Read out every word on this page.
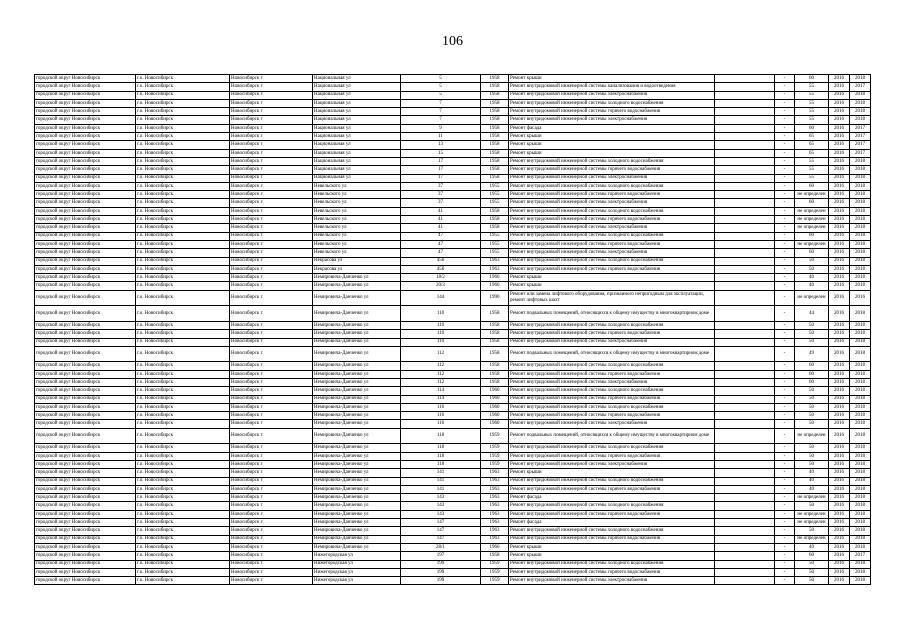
106
городской округ Новосибирск	г.о. Новосибирск	Новосибирск г	Национальная ул	5	1958	Ремонт крыши		-	60	2016	2018
городской округ Новосибирск	г.о. Новосибирск	Новосибирск г	Национальная ул	5	1958	Ремонт внутридомовой инженерной системы канализования и водоотведения		-	55	2016	2017
городской округ Новосибирск	г.о. Новосибирск	Новосибирск г	Национальная ул	5	1958	Ремонт внутридомовой инженерной системы электроснабжения		-	55	2016	2018
городской округ Новосибирск	г.о. Новосибирск	Новосибирск г	Национальная ул	7	1958	Ремонт внутридомовой инженерной системы холодного водоснабжения		-	55	2016	2018
городской округ Новосибирск	г.о. Новосибирск	Новосибирск г	Национальная ул	7	1958	Ремонт внутридомовой инженерной системы горячего водоснабжения		-	55	2016	2018
городской округ Новосибирск	г.о. Новосибирск	Новосибирск г	Национальная ул	7	1958	Ремонт внутридомовой инженерной системы электроснабжения		-	55	2016	2018
городской округ Новосибирск	г.о. Новосибирск	Новосибирск г	Национальная ул	9	1958	Ремонт фасада		-	60	2016	2017
городской округ Новосибирск	г.о. Новосибирск	Новосибирск г	Национальная ул	11	1958	Ремонт крыши		-	65	2016	2017
городской округ Новосибирск	г.о. Новосибирск	Новосибирск г	Национальная ул	13	1958	Ремонт крыши		-	65	2016	2017
городской округ Новосибирск	г.о. Новосибирск	Новосибирск г	Национальная ул	15	1958	Ремонт крыши		-	65	2016	2017
городской округ Новосибирск	г.о. Новосибирск	Новосибирск г	Национальная ул	17	1958	Ремонт внутридомовой инженерной системы холодного водоснабжения		-	55	2016	2018
городской округ Новосибирск	г.о. Новосибирск	Новосибирск г	Национальная ул	17	1958	Ремонт внутридомовой инженерной системы горячего водоснабжения		-	55	2016	2018
городской округ Новосибирск	г.о. Новосибирск	Новосибирск г	Национальная ул	17	1958	Ремонт внутридомовой инженерной системы электроснабжения		-	55	2016	2018
городской округ Новосибирск	г.о. Новосибирск	Новосибирск г	Невельского ул	37	1955	Ремонт внутридомовой инженерной системы холодного водоснабжения		-	60	2016	2018
городской округ Новосибирск	г.о. Новосибирск	Новосибирск г	Невельского ул	37	1955	Ремонт внутридомовой инженерной системы горячего водоснабжения		-	не определен	2016	2018
городской округ Новосибирск	г.о. Новосибирск	Новосибирск г	Невельского ул	37	1955	Ремонт внутридомовой инженерной системы электроснабжения		-	60	2016	2018
городской округ Новосибирск	г.о. Новосибирск	Новосибирск г	Невельского ул	41	1958	Ремонт внутридомовой инженерной системы холодного водоснабжения		-	не определен	2016	2018
городской округ Новосибирск	г.о. Новосибирск	Новосибирск г	Невельского ул	41	1958	Ремонт внутридомовой инженерной системы горячего водоснабжения		-	не определен	2016	2018
городской округ Новосибирск	г.о. Новосибирск	Новосибирск г	Невельского ул	41	1958	Ремонт внутридомовой инженерной системы электроснабжения		-	не определен	2016	2018
городской округ Новосибирск	г.о. Новосибирск	Новосибирск г	Невельского ул	47	1955	Ремонт внутридомовой инженерной системы холодного водоснабжения		-	60	2016	2018
городской округ Новосибирск	г.о. Новосибирск	Новосибирск г	Невельского ул	47	1955	Ремонт внутридомовой инженерной системы горячего водоснабжения		-	не определен	2016	2018
городской округ Новосибирск	г.о. Новосибирск	Новосибирск г	Невельского ул	47	1955	Ремонт внутридомовой инженерной системы электроснабжения		-	60	2016	2018
городской округ Новосибирск	г.о. Новосибирск	Новосибирск г	Некрасова ул	45б	1963	Ремонт внутридомовой инженерной системы холодного водоснабжения		-	50	2016	2018
городской округ Новосибирск	г.о. Новосибирск	Новосибирск г	Некрасова ул	45б	1963	Ремонт внутридомовой инженерной системы горячего водоснабжения		-	50	2016	2018
городской округ Новосибирск	г.о. Новосибирск	Новосибирск г	Немировича-Данченко ул	18/2	1966	Ремонт крыши		-	40	2016	2018
городской округ Новосибирск	г.о. Новосибирск	Новосибирск г	Немировича-Данченко ул	20/3	1966	Ремонт крыши		-	40	2016	2018
городской округ Новосибирск	г.о. Новосибирск	Новосибирск г	Немировича-Данченко ул	144	1990	Ремонт или замена лифтового оборудования, признанного непригодным для эксплуатации, ремонт лифтовых шахт		-	не определен	2016	2016
городской округ Новосибирск	г.о. Новосибирск	Новосибирск г	Немировича-Данченко ул	110	1958	Ремонт подвальных помещений, относящихся к общему имуществу в многоквартирном доме		-	44	2016	2018
городской округ Новосибирск	г.о. Новосибирск	Новосибирск г	Немировича-Данченко ул	110	1958	Ремонт внутридомовой инженерной системы холодного водоснабжения		-	50	2016	2018
городской округ Новосибирск	г.о. Новосибирск	Новосибирск г	Немировича-Данченко ул	110	1958	Ремонт внутридомовой инженерной системы горячего водоснабжения		-	50	2016	2018
городской округ Новосибирск	г.о. Новосибирск	Новосибирск г	Немировича-Данченко ул	110	1958	Ремонт внутридомовой инженерной системы электроснабжения		-	50	2016	2018
городской округ Новосибирск	г.о. Новосибирск	Новосибирск г	Немировича-Данченко ул	112	1958	Ремонт подвальных помещений, относящихся к общему имуществу в многоквартирном доме		-	49	2016	2018
городской округ Новосибирск	г.о. Новосибирск	Новосибирск г	Немировича-Данченко ул	112	1958	Ремонт внутридомовой инженерной системы холодного водоснабжения		-	60	2016	2018
городской округ Новосибирск	г.о. Новосибирск	Новосибирск г	Немировича-Данченко ул	112	1958	Ремонт внутридомовой инженерной системы горячего водоснабжения		-	60	2016	2018
городской округ Новосибирск	г.о. Новосибирск	Новосибирск г	Немировича-Данченко ул	112	1958	Ремонт внутридомовой инженерной системы электроснабжения		-	60	2016	2018
городской округ Новосибирск	г.о. Новосибирск	Новосибирск г	Немировича-Данченко ул	114	1960	Ремонт внутридомовой инженерной системы холодного водоснабжения		-	50	2016	2018
городской округ Новосибирск	г.о. Новосибирск	Новосибирск г	Немировича-Данченко ул	114	1960	Ремонт внутридомовой инженерной системы горячего водоснабжения		-	50	2016	2018
городской округ Новосибирск	г.о. Новосибирск	Новосибирск г	Немировича-Данченко ул	116	1960	Ремонт внутридомовой инженерной системы холодного водоснабжения		-	50	2016	2018
городской округ Новосибирск	г.о. Новосибирск	Новосибирск г	Немировича-Данченко ул	116	1960	Ремонт внутридомовой инженерной системы горячего водоснабжения		-	50	2016	2018
городской округ Новосибирск	г.о. Новосибирск	Новосибирск г	Немировича-Данченко ул	116	1960	Ремонт внутридомовой инженерной системы электроснабжения		-	50	2016	2018
городской округ Новосибирск	г.о. Новосибирск	Новосибирск г	Немировича-Данченко ул	118	1959	Ремонт подвальных помещений, относящихся к общему имуществу в многоквартирном доме		-	не определен	2016	2018
городской округ Новосибирск	г.о. Новосибирск	Новосибирск г	Немировича-Данченко ул	118	1959	Ремонт внутридомовой инженерной системы холодного водоснабжения		-	50	2016	2018
городской округ Новосибирск	г.о. Новосибирск	Новосибирск г	Немировича-Данченко ул	118	1959	Ремонт внутридомовой инженерной системы горячего водоснабжения		-	50	2016	2018
городской округ Новосибирск	г.о. Новосибирск	Новосибирск г	Немировича-Данченко ул	118	1959	Ремонт внутридомовой инженерной системы электроснабжения		-	50	2016	2018
городской округ Новосибирск	г.о. Новосибирск	Новосибирск г	Немировича-Данченко ул	141	1963	Ремонт крыши		-	40	2016	2018
городской округ Новосибирск	г.о. Новосибирск	Новосибирск г	Немировича-Данченко ул	141	1963	Ремонт внутридомовой инженерной системы холодного водоснабжения		-	40	2016	2018
городской округ Новосибирск	г.о. Новосибирск	Новосибирск г	Немировича-Данченко ул	141	1963	Ремонт внутридомовой инженерной системы горячего водоснабжения		-	40	2016	2018
городской округ Новосибирск	г.о. Новосибирск	Новосибирск г	Немировича-Данченко ул	143	1963	Ремонт фасада		-	не определен	2016	2018
городской округ Новосибирск	г.о. Новосибирск	Новосибирск г	Немировича-Данченко ул	143	1963	Ремонт внутридомовой инженерной системы холодного водоснабжения		-	50	2016	2018
городской округ Новосибирск	г.о. Новосибирск	Новосибирск г	Немировича-Данченко ул	143	1963	Ремонт внутридомовой инженерной системы горячего водоснабжения		-	не определен	2016	2018
городской округ Новосибирск	г.о. Новосибирск	Новосибирск г	Немировича-Данченко ул	147	1963	Ремонт фасада		-	не определен	2016	2018
городской округ Новосибирск	г.о. Новосибирск	Новосибирск г	Немировича-Данченко ул	147	1963	Ремонт внутридомовой инженерной системы холодного водоснабжения		-	50	2016	2018
городской округ Новосибирск	г.о. Новосибирск	Новосибирск г	Немировича-Данченко ул	147	1963	Ремонт внутридомовой инженерной системы горячего водоснабжения		-	не определен	2016	2018
городской округ Новосибирск	г.о. Новосибирск	Новосибирск г	Немировича-Данченко ул	28/1	1966	Ремонт крыши		-	40	2016	2018
городской округ Новосибирск	г.о. Новосибирск	Новосибирск г	Нижегородская ул	197	1958	Ремонт крыши		-	60	2016	2017
городской округ Новосибирск	г.о. Новосибирск	Новосибирск г	Нижегородская ул	199	1959	Ремонт внутридомовой инженерной системы холодного водоснабжения		-	50	2016	2018
городской округ Новосибирск	г.о. Новосибирск	Новосибирск г	Нижегородская ул	199	1959	Ремонт внутридомовой инженерной системы горячего водоснабжения		-	50	2016	2018
городской округ Новосибирск	г.о. Новосибирск	Новосибирск г	Нижегородская ул	199	1959	Ремонт внутридомовой инженерной системы электроснабжения		-	50	2016	2018
